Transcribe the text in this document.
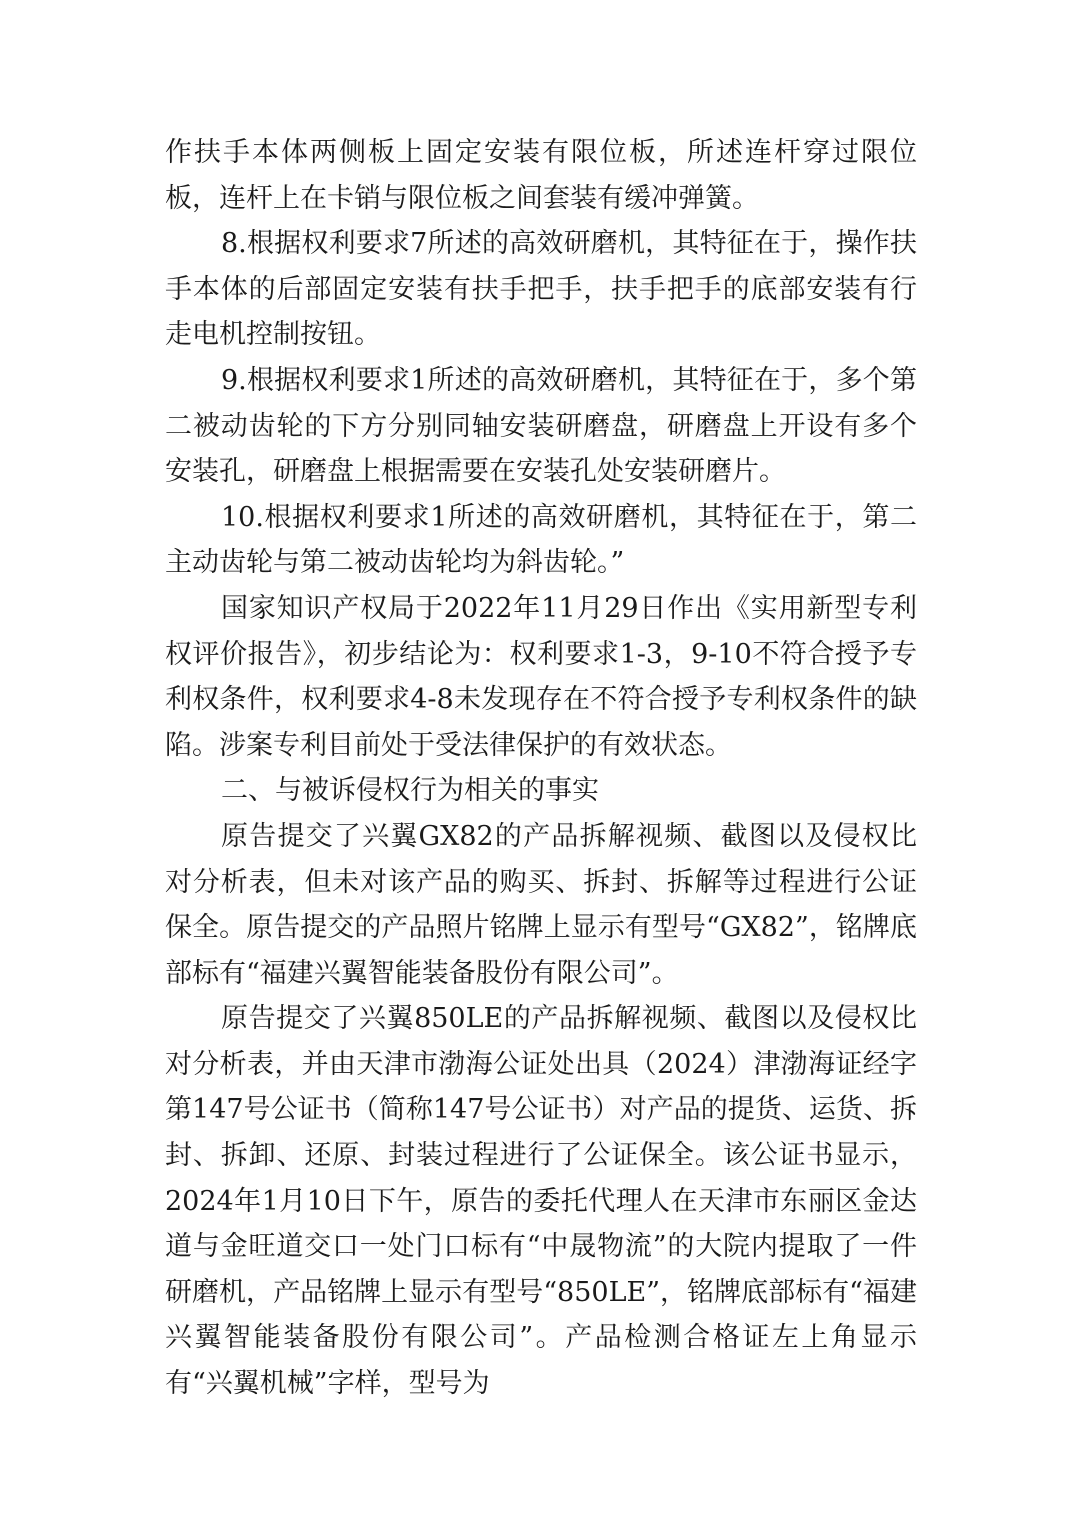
作扶手本体两侧板上固定安装有限位板，所述连杆穿过限位板，连杆上在卡销与限位板之间套装有缓冲弹簧。

8.根据权利要求7所述的高效研磨机，其特征在于，操作扶手本体的后部固定安装有扶手把手，扶手把手的底部安装有行走电机控制按钮。

9.根据权利要求1所述的高效研磨机，其特征在于，多个第二被动齿轮的下方分别同轴安装研磨盘，研磨盘上开设有多个安装孔，研磨盘上根据需要在安装孔处安装研磨片。

10.根据权利要求1所述的高效研磨机，其特征在于，第二主动齿轮与第二被动齿轮均为斜齿轮。”

国家知识产权局于2022年11月29日作出《实用新型专利权评价报告》，初步结论为：权利要求1-3，9-10不符合授予专利权条件，权利要求4-8未发现存在不符合授予专利权条件的缺陷。涉案专利目前处于受法律保护的有效状态。

二、与被诉侵权行为相关的事实

原告提交了兴翼GX82的产品拆解视频、截图以及侵权比对分析表，但未对该产品的购买、拆封、拆解等过程进行公证保全。原告提交的产品照片铭牌上显示有型号“GX82”，铭牌底部标有“福建兴翼智能装备股份有限公司”。

原告提交了兴翼850LE的产品拆解视频、截图以及侵权比对分析表，并由天津市渤海公证处出具（2024）津渤海证经字第147号公证书（简称147号公证书）对产品的提货、运货、拆封、拆卸、还原、封装过程进行了公证保全。该公证书显示，2024年1月10日下午，原告的委托代理人在天津市东丽区金达道与金旺道交口一处门口标有“中晟物流”的大院内提取了一件研磨机，产品铭牌上显示有型号“850LE”，铭牌底部标有“福建兴翼智能装备股份有限公司”。产品检测合格证左上角显示有“兴翼机械”字样，型号为
